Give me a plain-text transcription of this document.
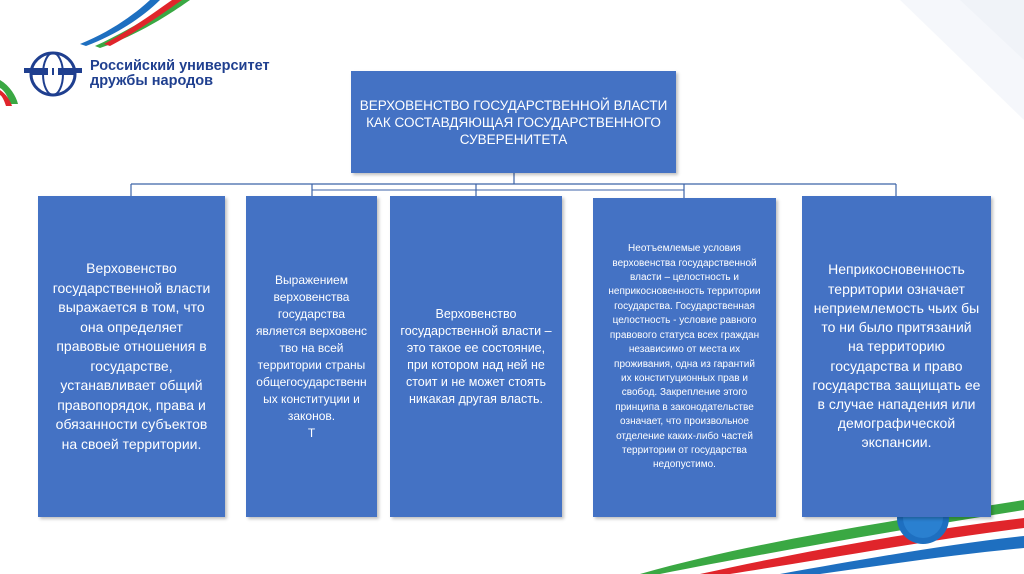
Российский университет
дружбы народов
ВЕРХОВЕНСТВО ГОСУДАРСТВЕННОЙ ВЛАСТИ
КАК СОСТАВДЯЮЩАЯ ГОСУДАРСТВЕННОГО
СУВЕРЕНИТЕТА
Верховенство
государственной власти
выражается в том, что
она определяет
правовые отношения в
государстве,
устанавливает общий
правопорядок, права и
обязанности субъектов
на своей территории.
Выражением
верховенства
государства
является верховенс
тво на всей
территории страны
общегосударственн
ых конституции и
законов.
Т
Верховенство
государственной власти –
это такое ее состояние,
при котором над ней не
стоит и не может стоять
никакая другая власть.
Неотъемлемые условия
верховенства государственной
власти – целостность и
неприкосновенность территории
государства. Государственная
целостность - условие равного
правового статуса всех граждан
независимо от места их
проживания, одна из гарантий
их конституционных прав и
свобод. Закрепление этого
принципа в законодательстве
означает, что произвольное
отделение каких-либо частей
территории от государства
недопустимо.
Неприкосновенность
территории означает
неприемлемость чьих бы
то ни было притязаний
на территорию
государства и право
государства защищать ее
в случае нападения или
демографической
экспансии.
